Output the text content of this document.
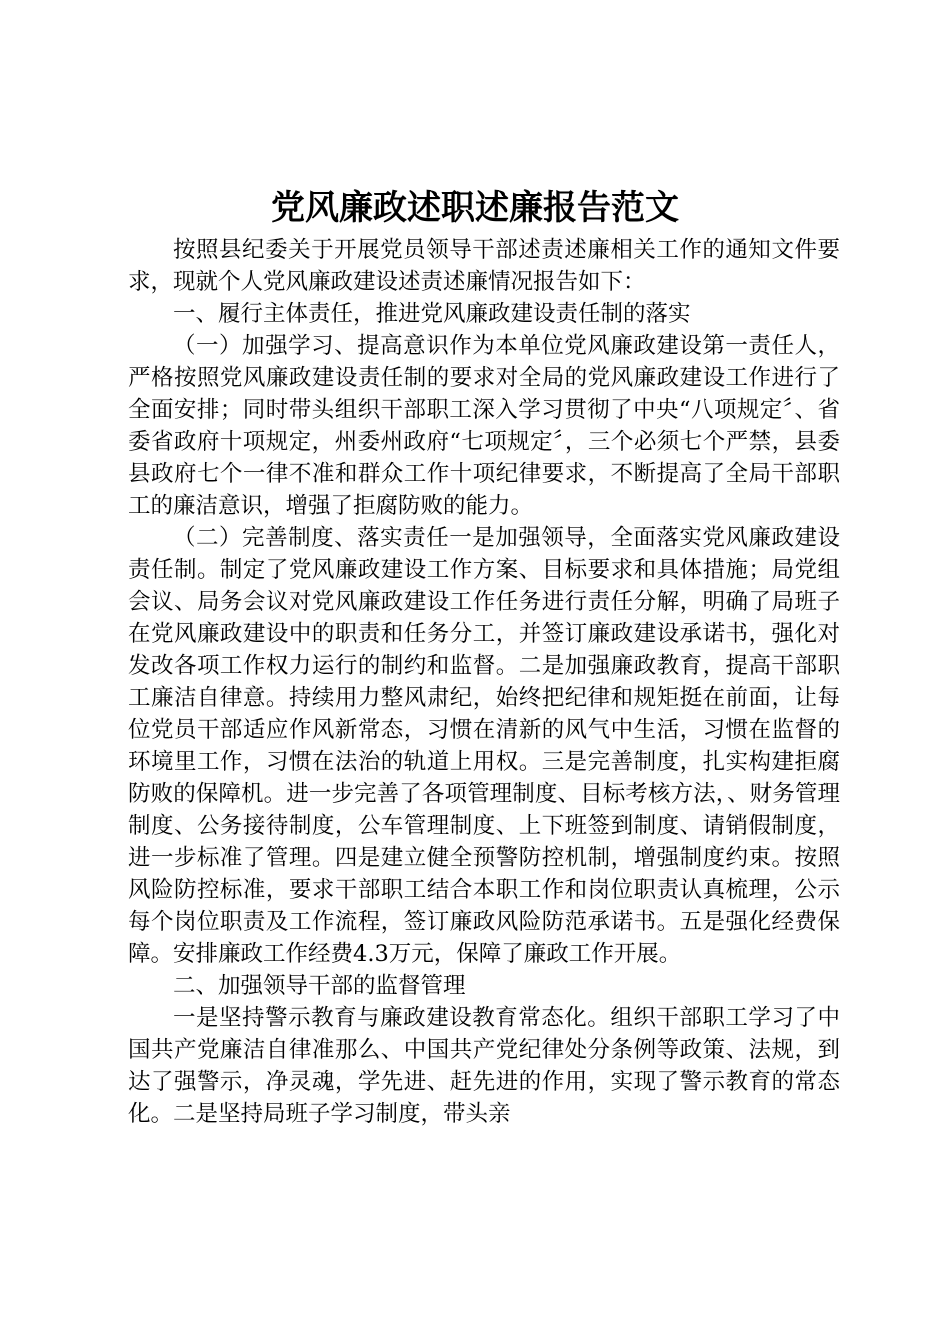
党风廉政述职述廉报告范文

按照县纪委关于开展党员领导干部述责述廉相关工作的通知文件要求，现就个人党风廉政建设述责述廉情况报告如下：

一、履行主体责任，推进党风廉政建设责任制的落实

（一）加强学习、提高意识作为本单位党风廉政建设第一责任人，严格按照党风廉政建设责任制的要求对全局的党风廉政建设工作进行了全面安排；同时带头组织干部职工深入学习贯彻了中央“八项规定〞、省委省政府十项规定，州委州政府“七项规定〞，三个必须七个严禁，县委县政府七个一律不准和群众工作十项纪律要求，不断提高了全局干部职工的廉洁意识，增强了拒腐防败的能力。

（二）完善制度、落实责任一是加强领导，全面落实党风廉政建设责任制。制定了党风廉政建设工作方案、目标要求和具体措施；局党组会议、局务会议对党风廉政建设工作任务进行责任分解，明确了局班子在党风廉政建设中的职责和任务分工，并签订廉政建设承诺书，强化对发改各项工作权力运行的制约和监督。二是加强廉政教育，提高干部职工廉洁自律意。持续用力整风肃纪，始终把纪律和规矩挺在前面，让每位党员干部适应作风新常态，习惯在清新的风气中生活，习惯在监督的环境里工作，习惯在法治的轨道上用权。三是完善制度，扎实构建拒腐防败的保障机。进一步完善了各项管理制度、目标考核方法，、财务管理制度、公务接待制度，公车管理制度、上下班签到制度、请销假制度，进一步标准了管理。四是建立健全预警防控机制，增强制度约束。按照风险防控标准，要求干部职工结合本职工作和岗位职责认真梳理，公示每个岗位职责及工作流程，签订廉政风险防范承诺书。五是强化经费保障。安排廉政工作经费4.3万元，保障了廉政工作开展。

二、加强领导干部的监督管理

一是坚持警示教育与廉政建设教育常态化。组织干部职工学习了中国共产党廉洁自律准那么、中国共产党纪律处分条例等政策、法规，到达了强警示，净灵魂，学先进、赶先进的作用，实现了警示教育的常态化。二是坚持局班子学习制度，带头亲
